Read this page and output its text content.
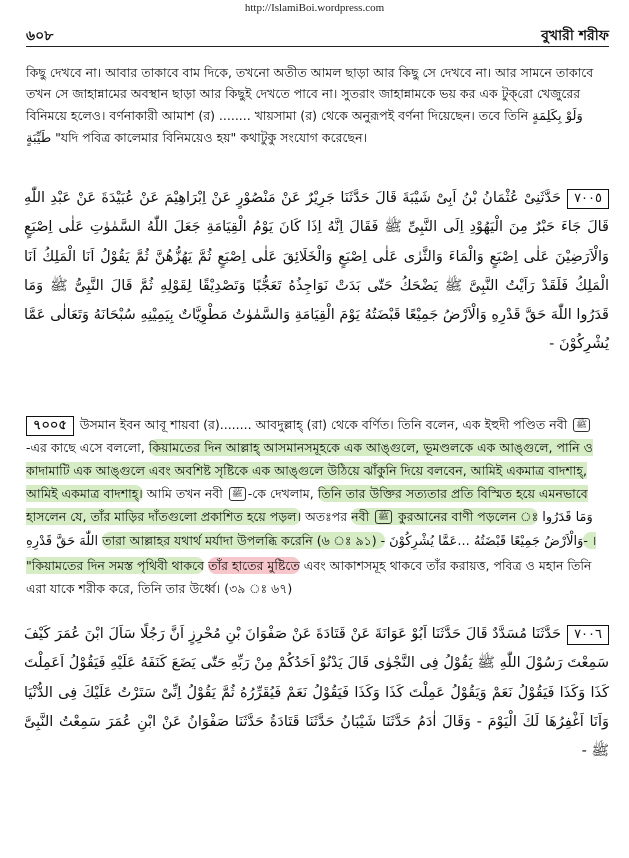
http://IslamiBoi.wordpress.com
৬০৮	বুখারী শরীফ

কিছু দেখবে না। আবার তাকাবে বাম দিকে, তখনো অতীত আমল ছাড়া আর কিছু সে দেখবে না। আর সামনে তাকাবে তখন সে জাহান্নামের অবস্থান ছাড়া আর কিছুই দেখতে পাবে না। সুতরাং জাহান্নামকে ভয় কর এক টুক্‌রো খেজুরের বিনিময়ে হলেও। বর্ণনাকারী আমাশ (র) ........ খায়সামা (র) থেকে অনুরূপই বর্ণনা দিয়েছেন। তবে তিনি وَلَوْ بِكَلِمَةٍ طَيِّبَةٍ "যদি পবিত্র কালেমার বিনিময়েও হয়" কথাটুকু সংযোগ করেছেন।

٧٠٠٥حَدَّثَنِىْ عُثْمَانُ بْنُ اَبِىْ شَيْبَةَ قَالَ حَدَّثَنَا جَرِيْرٌ عَنْ مَنْصُوْرٍ عَنْ اِبْرَاهِيْمَ عَنْ عُبَيْدَةَ عَنْ عَبْدِ اللّٰهِ قَالَ جَاءَ حَبْرٌ مِنَ الْيَهُوْدِ اِلَى النَّبِىِّ ﷺ فَقَالَ اِنَّهُ اِذَا كَانَ يَوْمُ الْقِيَامَةِ جَعَلَ اللّٰهُ السَّمٰوٰتِ عَلٰى اِصْبَعٍ وَالْاَرَضِيْنَ عَلٰى اِصْبَعٍ وَالْمَاءَ وَالثَّرٰى عَلٰى اِصْبَعٍ وَالْخَلَائِقَ عَلٰى اِصْبَعٍ ثُمَّ يَهُزُّهُنَّ ثُمَّ يَقُوْلُ اَنَا الْمَلِكُ اَنَا الْمَلِكُ فَلَقَدْ رَاَيْتُ النَّبِىَّ ﷺ يَضْحَكُ حَتّٰى بَدَتْ نَوَاجِذُهُ تَعَجُّبًا وَتَصْدِيْقًا لِقَوْلِهِ ثُمَّ قَالَ النَّبِىُّ ﷺ وَمَا قَدَرُوا اللّٰهَ حَقَّ قَدْرِهِ وَالْاَرْضُ جَمِيْعًا قَبْضَتُهُ يَوْمَ الْقِيَامَةِ وَالسَّمٰوٰتُ مَطْوِيَّاتٌ بِيَمِيْنِهِ سُبْحَانَهُ وَتَعَالٰى عَمَّا يُشْرِكُوْنَ -

৭০০৫ উসমান ইবন আবূ শায়বা (র)........ আবদুল্লাহ্‌ (রা) থেকে বর্ণিত। তিনি বলেন, এক ইহুদী পণ্ডিত নবী ﷺ-এর কাছে এসে বললো, কিয়ামতের দিন আল্লাহ্‌ আসমানসমূহকে এক আঙ্গুলে, ভূমণ্ডলকে এক আঙ্গুলে, পানি ও কাদামাটি এক আঙ্গুলে এবং অবশিষ্ট সৃষ্টিকে এক আঙ্গুলে উঠিয়ে ঝাঁকুনি দিয়ে বলবেন, আমিই একমাত্র বাদশাহ্‌, আমিই একমাত্র বাদশাহ্‌। আমি তখন নবী ﷺ -কে দেখলাম, তিনি তার উক্তির সত্যতার প্রতি বিস্মিত হয়ে এমনভাবে হাসলেন যে, তাঁর মাড়ির দাঁতগুলো প্রকাশিত হয়ে পড়ল। অতঃপর নবী ﷺ কুরআনের বাণী পড়লেন ঃ وَمَا قَدَرُوا اللّٰهَ حَقَّ قَدْرِهِ তারা আল্লাহর যথার্থ মর্যাদা উপলব্ধি করেনি (৬ ঃ ৯১) - وَالْاَرْضُ جَمِيْعًا قَبْضَتُهُ ...عَمَّا يُشْرِكُوْنَ- । "কিয়ামতের দিন সমস্ত পৃথিবী থাকবে তাঁর হাতের মুষ্টিতে এবং আকাশসমূহ থাকবে তাঁর করায়ত্ত, পবিত্র ও মহান তিনি এরা যাকে শরীক করে, তিনি তার উর্ধ্বে। (৩৯ ঃ ৬৭)

٧٠٠٦حَدَّثَنَا مُسَدَّدٌ قَالَ حَدَّثَنَا اَبُوْ عَوَانَةَ عَنْ قَتَادَةَ عَنْ صَفْوَانَ بْنِ مُحْرِزٍ اَنَّ رَجُلًا سَاَلَ ابْنَ عُمَرَ كَيْفَ سَمِعْتَ رَسُوْلَ اللّٰهِ ﷺ يَقُوْلُ فِى النَّجْوٰى قَالَ يَدْنُوْ اَحَدُكُمْ مِنْ رَبِّهِ حَتّٰى يَضَعَ كَنَفَهُ عَلَيْهِ فَيَقُوْلُ اَعَمِلْتَ كَذَا وَكَذَا فَيَقُوْلُ نَعَمْ وَيَقُوْلُ عَمِلْتَ كَذَا وَكَذَا فَيَقُوْلُ نَعَمْ فَيُقَرِّرُهُ ثُمَّ يَقُوْلُ اِنِّىْ سَتَرْتُ عَلَيْكَ فِى الدُّنْيَا وَاَنَا اَغْفِرُهَا لَكَ الْيَوْمَ - وَقَالَ اٰدَمُ حَدَّثَنَا شَيْبَانُ حَدَّثَنَا قَتَادَةُ حَدَّثَنَا صَفْوَانُ عَنْ ابْنِ عُمَرَ سَمِعْتُ النَّبِىَّ ﷺ -
